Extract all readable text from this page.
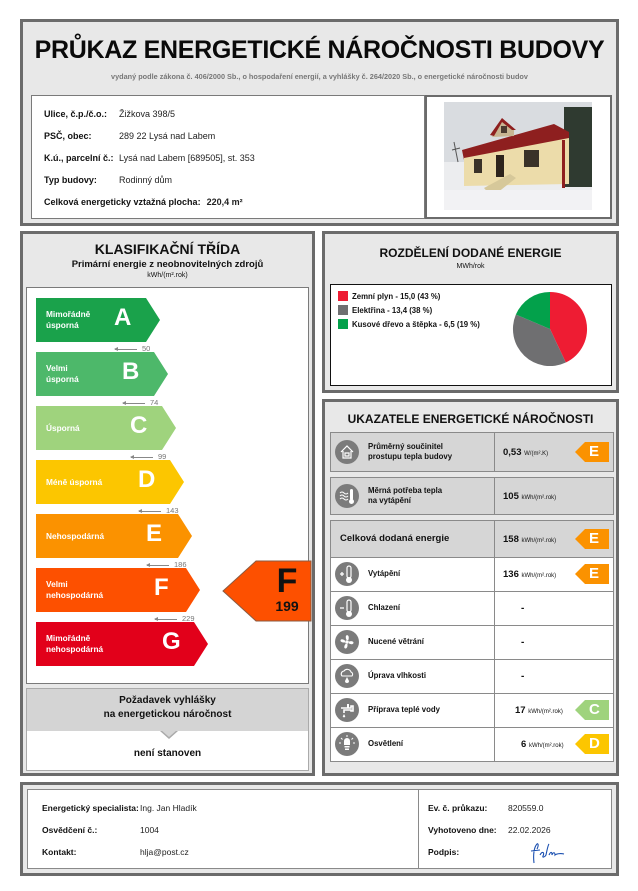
PRŮKAZ ENERGETICKÉ NÁROČNOSTI BUDOVY
vydaný podle zákona č. 406/2000 Sb., o hospodaření energií, a vyhlášky č. 264/2020 Sb., o energetické náročnosti budov
Ulice, č.p./č.o.: Žižkova 398/5
PSČ, obec:	289 22 Lysá nad Labem
K.ú., parcelní č.: Lysá nad Labem [689505], st. 353
Typ budovy: Rodinný dům
Celková energeticky vztažná plocha: 220,4 m²
KLASIFIKAČNÍ TŘÍDA
Primární energie z neobnovitelných zdrojů
kWh/(m².rok)
Mimořádně
úsporná	A
Velmi
úsporná B
Úsporná C
Méně úsporná D
Nehospodárná E
Velmi
nehospodárná F
Mimořádně
nehospodárná G
50
74
99
143
186
229
F
199
Požadavek vyhlášky
na energetickou náročnost
není stanoven
ROZDĚLENÍ DODANÉ ENERGIE
MWh/rok
Zemní plyn - 15,0 (43 %)
Elektřina - 13,4 (38 %)
Kusové dřevo a štěpka - 6,5 (19 %)
UKAZATELE ENERGETICKÉ NÁROČNOSTI
Průměrný součinitel
prostupu tepla budovy	0,53 W/(m².K)	E
Měrná potřeba tepla
na vytápění	105 kWh/(m².rok)
Celková dodaná energie	158 kWh/(m².rok) E
Vytápění	136 kWh/(m².rok) E
Chlazení	-
Nucené větrání	-
Úprava vlhkosti	-
Příprava teplé vody	17 kWh/(m².rok) C
Osvětlení	6 kWh/(m².rok) D
Energetický specialista: Ing. Jan Hladík
Osvědčení č.:	1004
Kontakt:	hlja@post.cz
Ev. č. průkazu: 820559.0
Vyhotoveno dne: 22.02.2026
Podpis:
